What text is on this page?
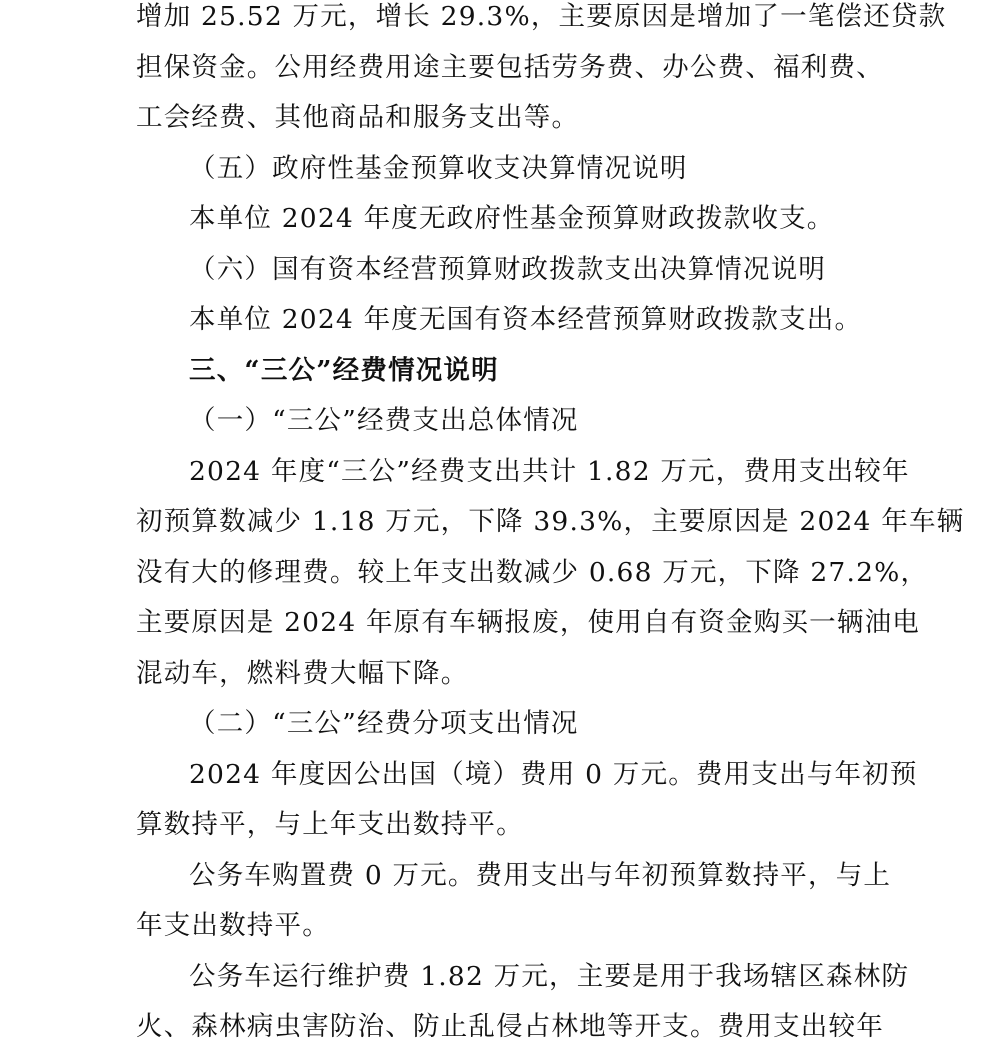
增加 25.52 万元，增长 29.3%，主要原因是增加了一笔偿还贷款
担保资金。公用经费用途主要包括劳务费、办公费、福利费、
工会经费、其他商品和服务支出等。
（五）政府性基金预算收支决算情况说明
本单位 2024 年度无政府性基金预算财政拨款收支。
（六）国有资本经营预算财政拨款支出决算情况说明
本单位 2024 年度无国有资本经营预算财政拨款支出。
三、“三公”经费情况说明
（一）“三公”经费支出总体情况
2024 年度“三公”经费支出共计 1.82 万元，费用支出较年
初预算数减少 1.18 万元，下降 39.3%，主要原因是 2024 年车辆
没有大的修理费。较上年支出数减少 0.68 万元，下降 27.2%，
主要原因是 2024 年原有车辆报废，使用自有资金购买一辆油电
混动车，燃料费大幅下降。
（二）“三公”经费分项支出情况
2024 年度因公出国（境）费用 0 万元。费用支出与年初预
算数持平，与上年支出数持平。
公务车购置费 0 万元。费用支出与年初预算数持平，与上
年支出数持平。
公务车运行维护费 1.82 万元，主要是用于我场辖区森林防
火、森林病虫害防治、防止乱侵占林地等开支。费用支出较年
